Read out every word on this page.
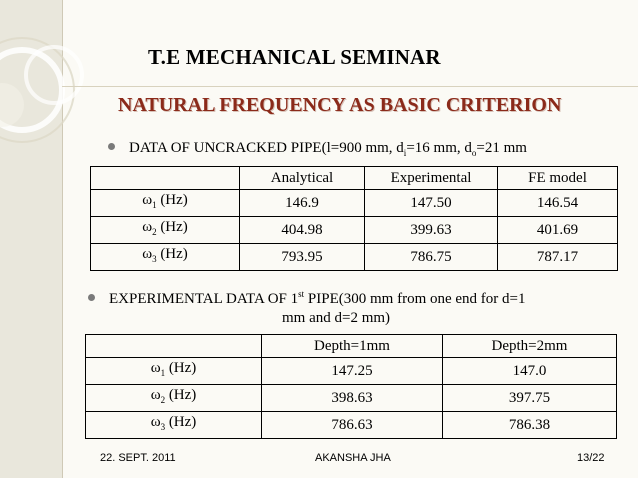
T.E MECHANICAL SEMINAR
NATURAL FREQUENCY AS BASIC CRITERION
DATA OF UNCRACKED PIPE(l=900 mm, $d_i=16$ mm, $d_o=21$ mm
	Analytical	Experimental	FE model
$\omega_1$ (Hz)	146.9	147.50	146.54
$\omega_2$ (Hz)	404.98	399.63	401.69
$\omega_3$ (Hz)	793.95	786.75	787.17
EXPERIMENTAL DATA OF 1st PIPE(300 mm from one end for d=1
mm and d=2 mm)
	Depth=1mm	Depth=2mm
$\omega_1$ (Hz)	147.25	147.0
$\omega_2$ (Hz)	398.63	397.75
$\omega_3$ (Hz)	786.63	786.38
22. SEPT. 2011	AKANSHA JHA	13/22
